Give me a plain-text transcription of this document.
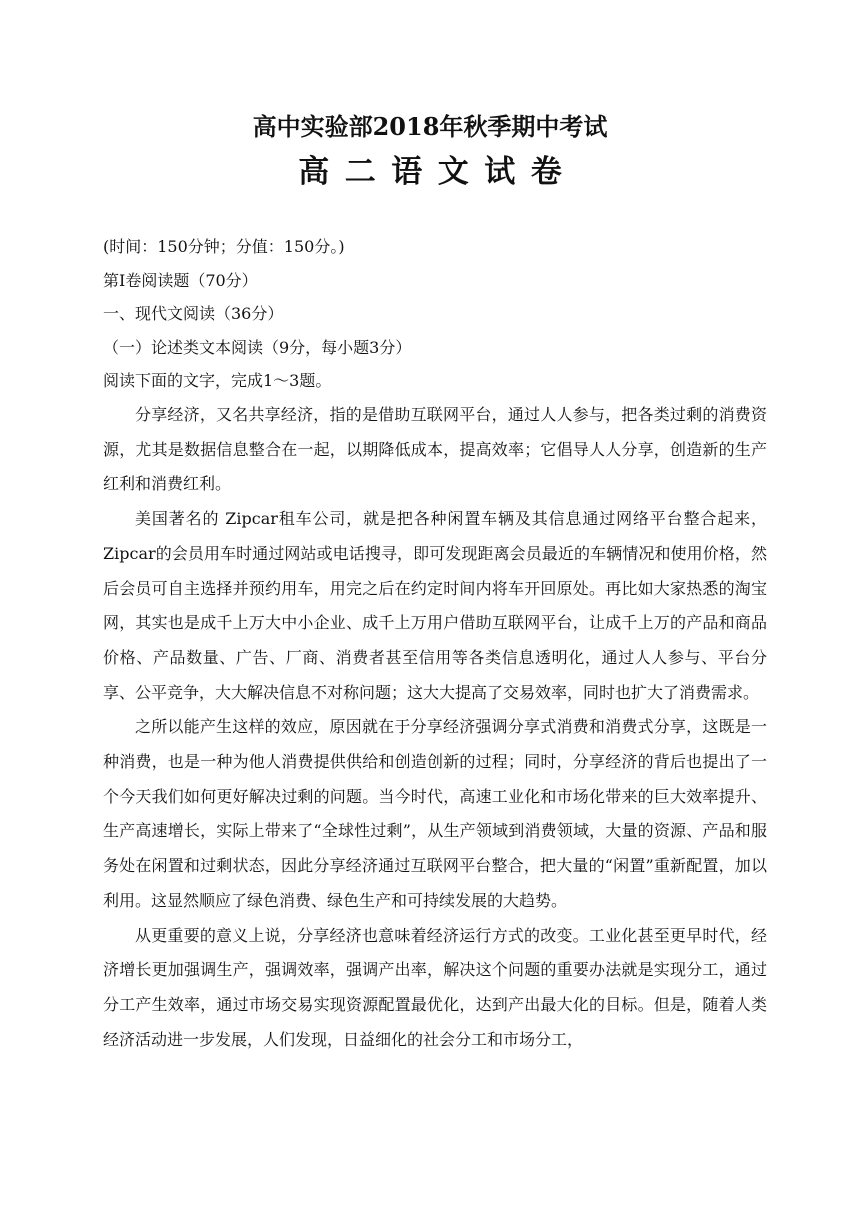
高中实验部2018年秋季期中考试
高二语文试卷
(时间：150分钟；分值：150分。)
第Ⅰ卷阅读题（70分）
一、现代文阅读（36分）
（一）论述类文本阅读（9分，每小题3分）
阅读下面的文字，完成1～3题。

分享经济，又名共享经济，指的是借助互联网平台，通过人人参与，把各类过剩的消费资源，尤其是数据信息整合在一起，以期降低成本，提高效率；它倡导人人分享，创造新的生产红利和消费红利。

美国著名的 Zipcar租车公司，就是把各种闲置车辆及其信息通过网络平台整合起来，Zipcar的会员用车时通过网站或电话搜寻，即可发现距离会员最近的车辆情况和使用价格，然后会员可自主选择并预约用车，用完之后在约定时间内将车开回原处。再比如大家热悉的淘宝网，其实也是成千上万大中小企业、成千上万用户借助互联网平台，让成千上万的产品和商品价格、产品数量、广告、厂商、消费者甚至信用等各类信息透明化，通过人人参与、平台分享、公平竞争，大大解决信息不对称问题；这大大提高了交易效率，同时也扩大了消费需求。

之所以能产生这样的效应，原因就在于分享经济强调分享式消费和消费式分享，这既是一种消费，也是一种为他人消费提供供给和创造创新的过程；同时，分享经济的背后也提出了一个今天我们如何更好解决过剩的问题。当今时代，高速工业化和市场化带来的巨大效率提升、生产高速增长，实际上带来了“全球性过剩”，从生产领域到消费领域，大量的资源、产品和服务处在闲置和过剩状态，因此分享经济通过互联网平台整合，把大量的“闲置”重新配置，加以利用。这显然顺应了绿色消费、绿色生产和可持续发展的大趋势。

从更重要的意义上说，分享经济也意味着经济运行方式的改变。工业化甚至更早时代，经济增长更加强调生产，强调效率，强调产出率，解决这个问题的重要办法就是实现分工，通过分工产生效率，通过市场交易实现资源配置最优化，达到产出最大化的目标。但是，随着人类经济活动进一步发展，人们发现，日益细化的社会分工和市场分工，
